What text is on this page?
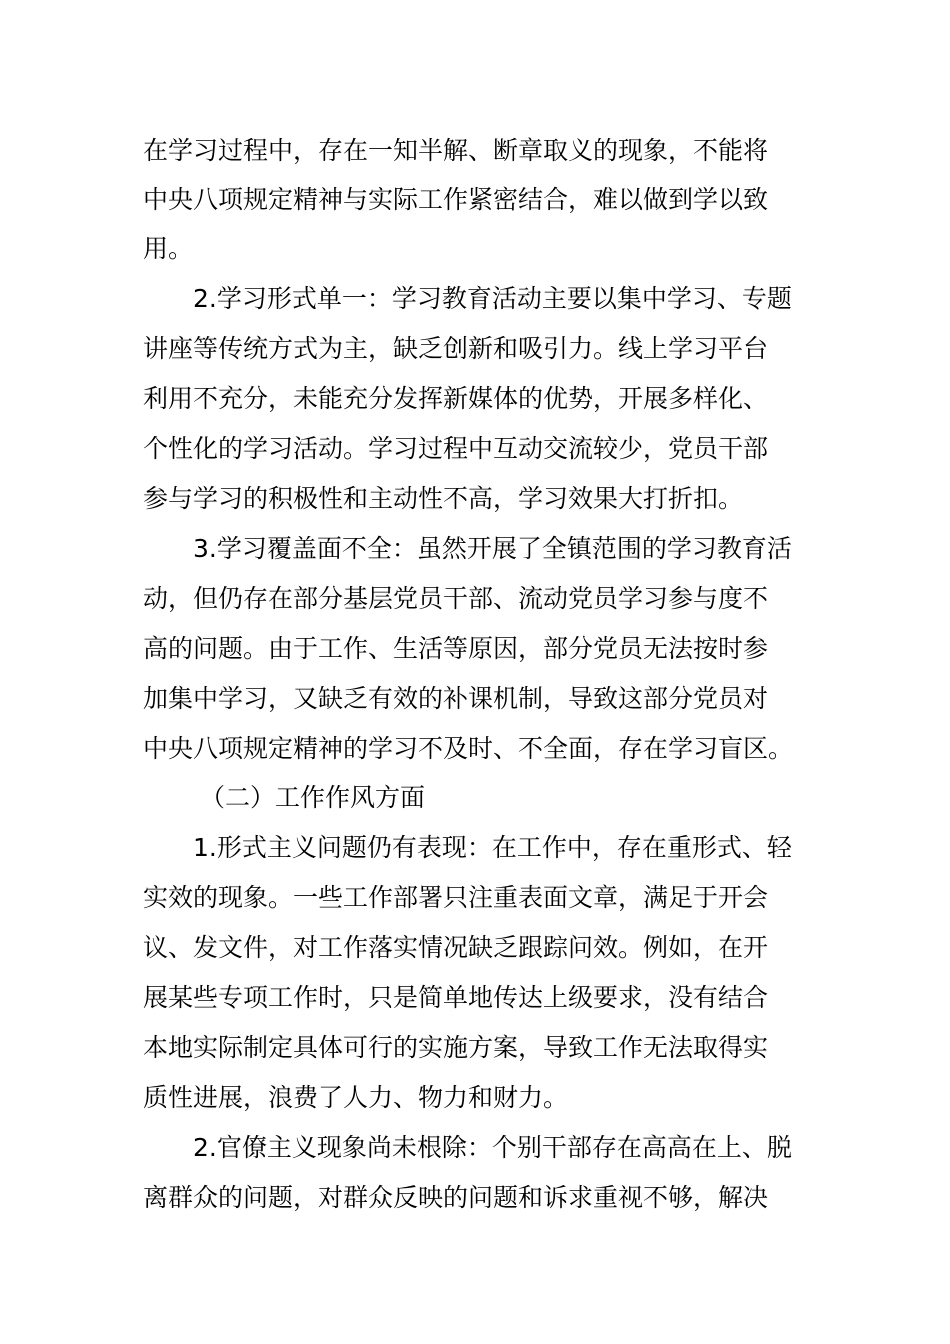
在学习过程中，存在一知半解、断章取义的现象，不能将
中央八项规定精神与实际工作紧密结合，难以做到学以致
用。
2.学习形式单一：学习教育活动主要以集中学习、专题
讲座等传统方式为主，缺乏创新和吸引力。线上学习平台
利用不充分，未能充分发挥新媒体的优势，开展多样化、
个性化的学习活动。学习过程中互动交流较少，党员干部
参与学习的积极性和主动性不高，学习效果大打折扣。
3.学习覆盖面不全：虽然开展了全镇范围的学习教育活
动，但仍存在部分基层党员干部、流动党员学习参与度不
高的问题。由于工作、生活等原因，部分党员无法按时参
加集中学习，又缺乏有效的补课机制，导致这部分党员对
中央八项规定精神的学习不及时、不全面，存在学习盲区。
（二）工作作风方面
1.形式主义问题仍有表现：在工作中，存在重形式、轻
实效的现象。一些工作部署只注重表面文章，满足于开会
议、发文件，对工作落实情况缺乏跟踪问效。例如，在开
展某些专项工作时，只是简单地传达上级要求，没有结合
本地实际制定具体可行的实施方案，导致工作无法取得实
质性进展，浪费了人力、物力和财力。
2.官僚主义现象尚未根除：个别干部存在高高在上、脱
离群众的问题，对群众反映的问题和诉求重视不够，解决
